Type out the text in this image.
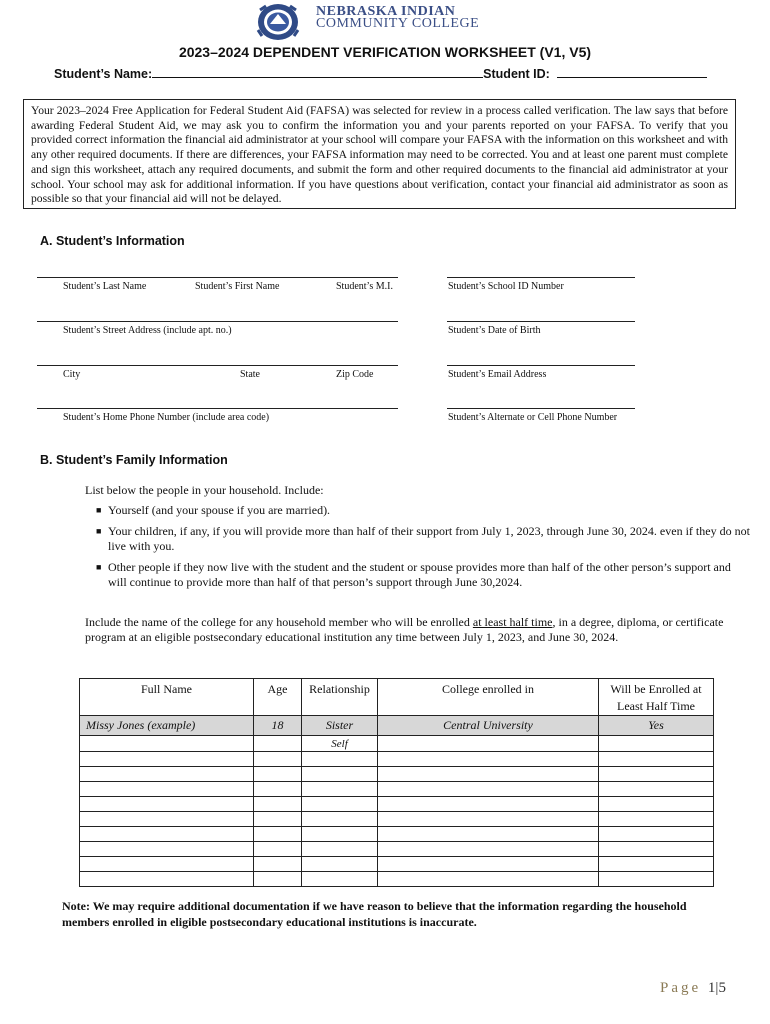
NEBRASKA INDIAN
COMMUNITY COLLEGE
2023–2024 DEPENDENT VERIFICATION WORKSHEET (V1, V5)
Student’s Name:	Student ID:
Your 2023–2024 Free Application for Federal Student Aid (FAFSA) was selected for review in a process called verification. The law says that before awarding Federal Student Aid, we may ask you to confirm the information you and your parents reported on your FAFSA. To verify that you provided correct information the financial aid administrator at your school will compare your FAFSA with the information on this worksheet and with any other required documents. If there are differences, your FAFSA information may need to be corrected. You and at least one parent must complete and sign this worksheet, attach any required documents, and submit the form and other required documents to the financial aid administrator at your school. Your school may ask for additional information. If you have questions about verification, contact your financial aid administrator as soon as possible so that your financial aid will not be delayed.
A. Student’s Information
Student’s Last Name	Student’s First Name	Student’s M.I.	Student’s School ID Number
Student’s Street Address (include apt. no.)	Student’s Date of Birth
City	State	Zip Code	Student’s Email Address
Student’s Home Phone Number (include area code)	Student’s Alternate or Cell Phone Number
B. Student’s Family Information
List below the people in your household. Include:
■ Yourself (and your spouse if you are married).
■ Your children, if any, if you will provide more than half of their support from July 1, 2023, through June 30, 2024. even if they do not live with you.
■ Other people if they now live with the student and the student or spouse provides more than half of the other person’s support and will continue to provide more than half of that person’s support through June 30,2024.
Include the name of the college for any household member who will be enrolled at least half time, in a degree, diploma, or certificate program at an eligible postsecondary educational institution any time between July 1, 2023, and June 30, 2024.
Full Name	Age	Relationship	College enrolled in	Will be Enrolled at Least Half Time
Missy Jones (example)	18	Sister	Central University	Yes
		Self		

Note: We may require additional documentation if we have reason to believe that the information regarding the household members enrolled in eligible postsecondary educational institutions is inaccurate.
Page 1|5
